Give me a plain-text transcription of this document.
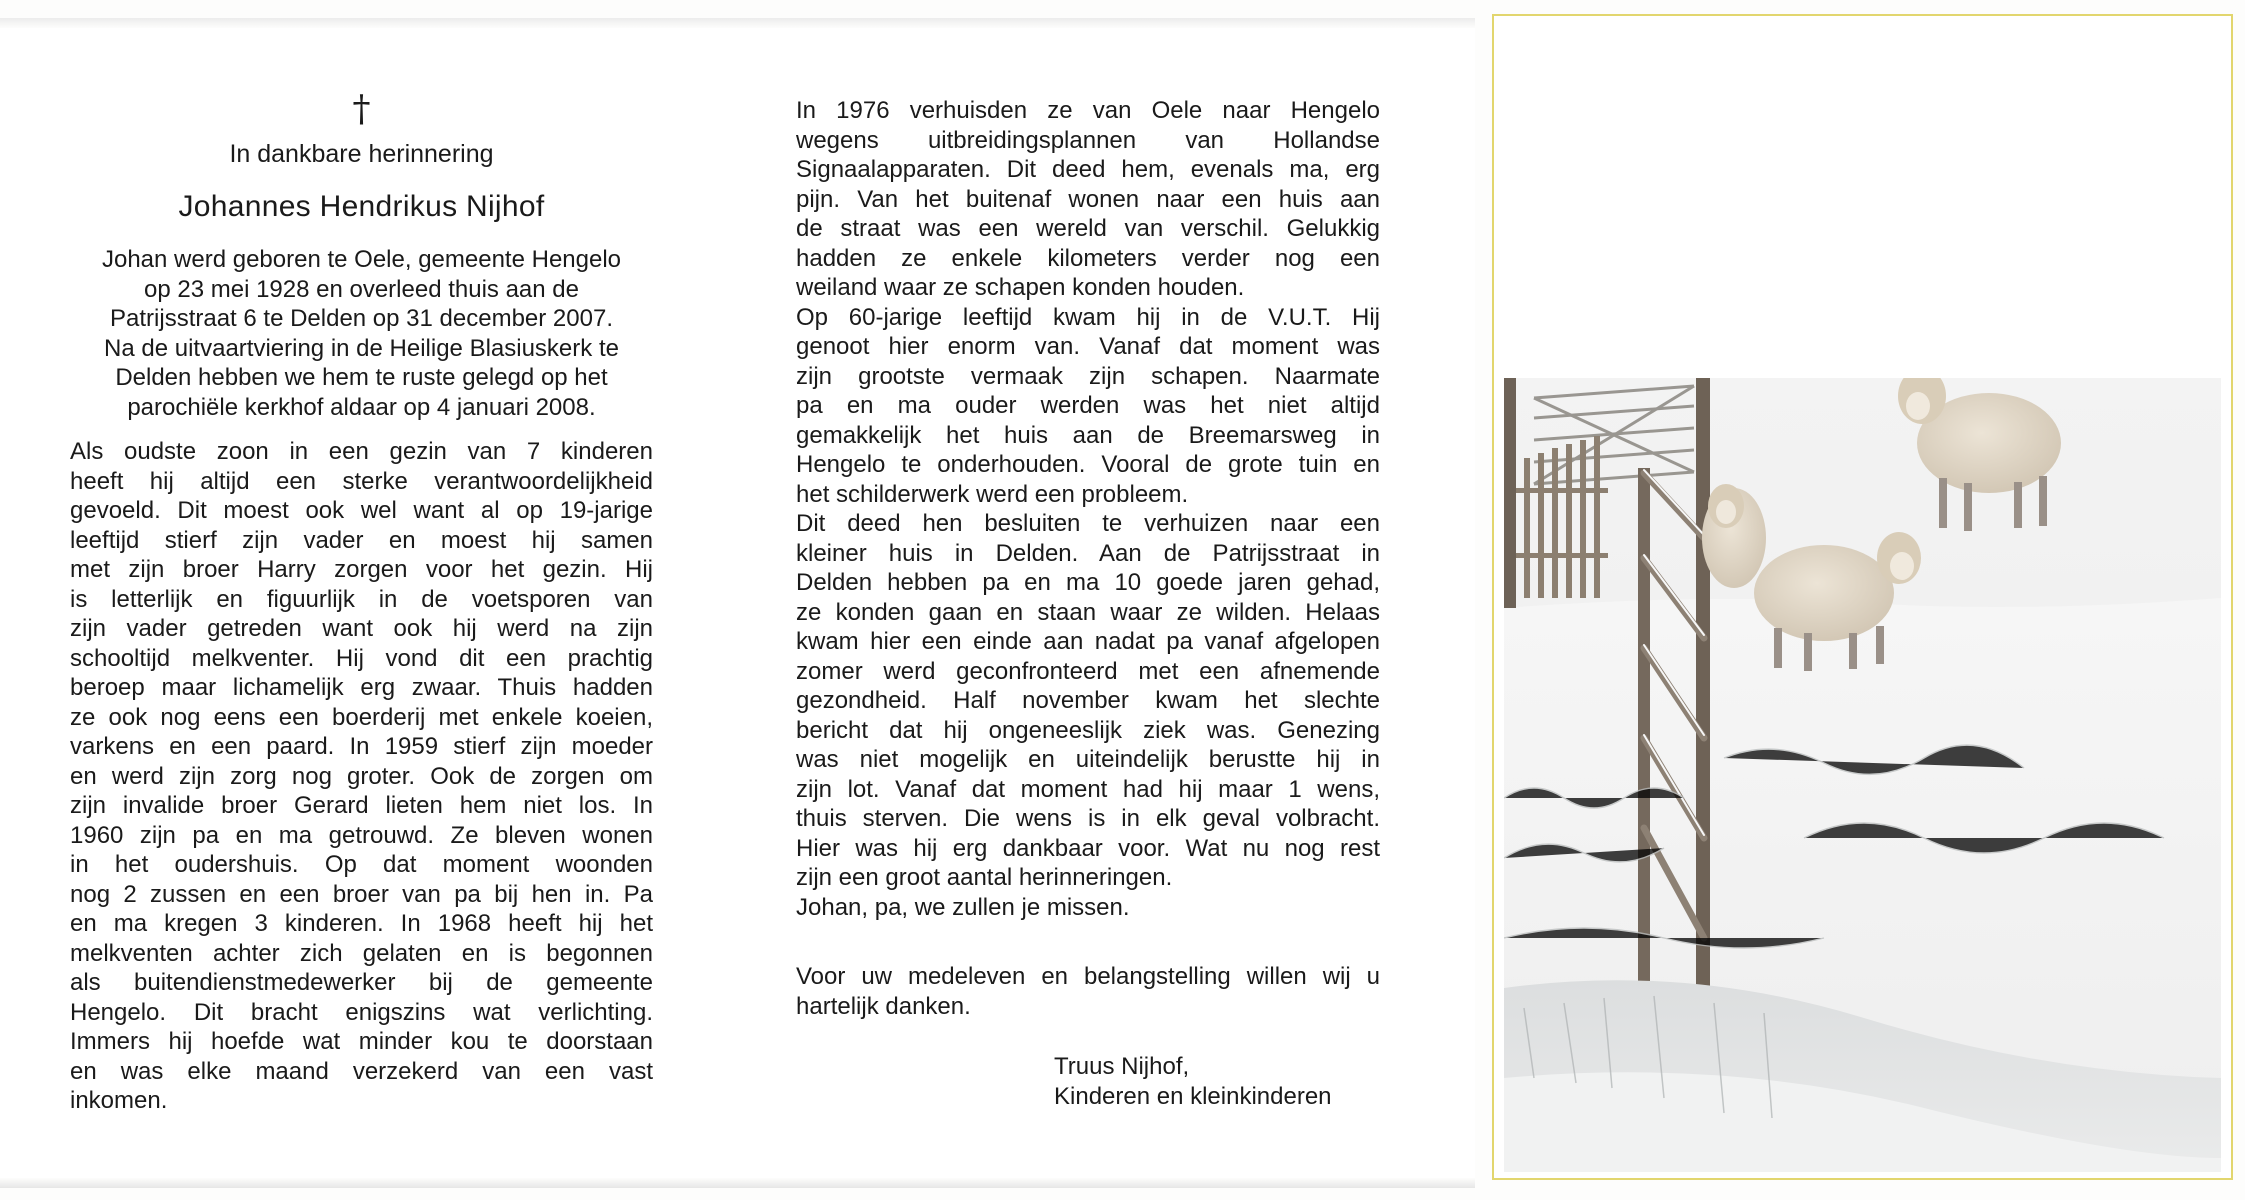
†
In dankbare herinnering
Johannes Hendrikus Nijhof
Johan werd geboren te Oele, gemeente Hengelo
op 23 mei 1928 en overleed thuis aan de
Patrijsstraat 6 te Delden op 31 december 2007.
Na de uitvaartviering in de Heilige Blasiuskerk te
Delden hebben we hem te ruste gelegd op het
parochiële kerkhof aldaar op 4 januari 2008.
Als oudste zoon in een gezin van 7 kinderen
heeft hij altijd een sterke verantwoordelijkheid
gevoeld. Dit moest ook wel want al op 19-jarige
leeftijd stierf zijn vader en moest hij samen
met zijn broer Harry zorgen voor het gezin. Hij
is letterlijk en figuurlijk in de voetsporen van
zijn vader getreden want ook hij werd na zijn
schooltijd melkventer. Hij vond dit een prachtig
beroep maar lichamelijk erg zwaar. Thuis hadden
ze ook nog eens een boerderij met enkele koeien,
varkens en een paard. In 1959 stierf zijn moeder
en werd zijn zorg nog groter. Ook de zorgen om
zijn invalide broer Gerard lieten hem niet los. In
1960 zijn pa en ma getrouwd. Ze bleven wonen
in het oudershuis. Op dat moment woonden
nog 2 zussen en een broer van pa bij hen in. Pa
en ma kregen 3 kinderen. In 1968 heeft hij het
melkventen achter zich gelaten en is begonnen
als buitendienstmedewerker bij de gemeente
Hengelo. Dit bracht enigszins wat verlichting.
Immers hij hoefde wat minder kou te doorstaan
en was elke maand verzekerd van een vast
inkomen.
In 1976 verhuisden ze van Oele naar Hengelo
wegens uitbreidingsplannen van Hollandse
Signaalapparaten. Dit deed hem, evenals ma, erg
pijn. Van het buitenaf wonen naar een huis aan
de straat was een wereld van verschil. Gelukkig
hadden ze enkele kilometers verder nog een
weiland waar ze schapen konden houden.
Op 60-jarige leeftijd kwam hij in de V.U.T. Hij
genoot hier enorm van. Vanaf dat moment was
zijn grootste vermaak zijn schapen. Naarmate
pa en ma ouder werden was het niet altijd
gemakkelijk het huis aan de Breemarsweg in
Hengelo te onderhouden. Vooral de grote tuin en
het schilderwerk werd een probleem.
Dit deed hen besluiten te verhuizen naar een
kleiner huis in Delden. Aan de Patrijsstraat in
Delden hebben pa en ma 10 goede jaren gehad,
ze konden gaan en staan waar ze wilden. Helaas
kwam hier een einde aan nadat pa vanaf afgelopen
zomer werd geconfronteerd met een afnemende
gezondheid. Half november kwam het slechte
bericht dat hij ongeneeslijk ziek was. Genezing
was niet mogelijk en uiteindelijk berustte hij in
zijn lot. Vanaf dat moment had hij maar 1 wens,
thuis sterven. Die wens is in elk geval volbracht.
Hier was hij erg dankbaar voor. Wat nu nog rest
zijn een groot aantal herinneringen.
Johan, pa, we zullen je missen.
Voor uw medeleven en belangstelling willen wij u
hartelijk danken.
Truus Nijhof,
Kinderen en kleinkinderen
